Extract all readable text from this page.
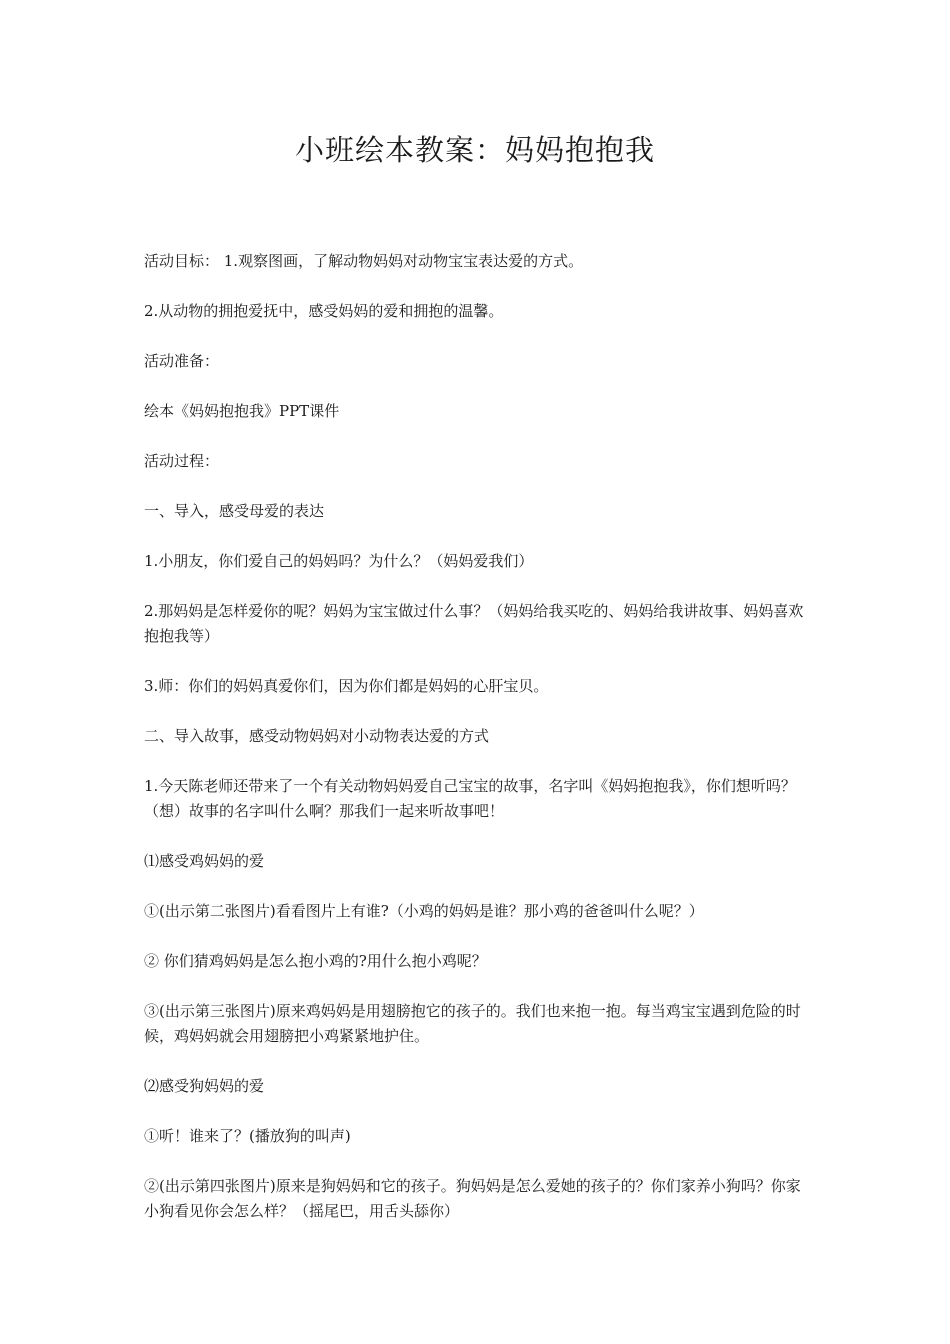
小班绘本教案：妈妈抱抱我

活动目标： 1.观察图画，了解动物妈妈对动物宝宝表达爱的方式。

2.从动物的拥抱爱抚中，感受妈妈的爱和拥抱的温馨。

活动准备：

绘本《妈妈抱抱我》PPT课件

活动过程：

一、导入，感受母爱的表达

1.小朋友，你们爱自己的妈妈吗？为什么？（妈妈爱我们）

2.那妈妈是怎样爱你的呢？妈妈为宝宝做过什么事？（妈妈给我买吃的、妈妈给我讲故事、妈妈喜欢抱抱我等）

3.师：你们的妈妈真爱你们，因为你们都是妈妈的心肝宝贝。

二、导入故事，感受动物妈妈对小动物表达爱的方式

1.今天陈老师还带来了一个有关动物妈妈爱自己宝宝的故事，名字叫《妈妈抱抱我》，你们想听吗？（想）故事的名字叫什么啊？那我们一起来听故事吧！

⑴感受鸡妈妈的爱

①(出示第二张图片)看看图片上有谁?（小鸡的妈妈是谁？那小鸡的爸爸叫什么呢？）

② 你们猜鸡妈妈是怎么抱小鸡的?用什么抱小鸡呢？

③(出示第三张图片)原来鸡妈妈是用翅膀抱它的孩子的。我们也来抱一抱。每当鸡宝宝遇到危险的时候，鸡妈妈就会用翅膀把小鸡紧紧地护住。

⑵感受狗妈妈的爱

①听！谁来了？(播放狗的叫声)

②(出示第四张图片)原来是狗妈妈和它的孩子。狗妈妈是怎么爱她的孩子的？你们家养小狗吗？你家小狗看见你会怎么样？（摇尾巴，用舌头舔你）
